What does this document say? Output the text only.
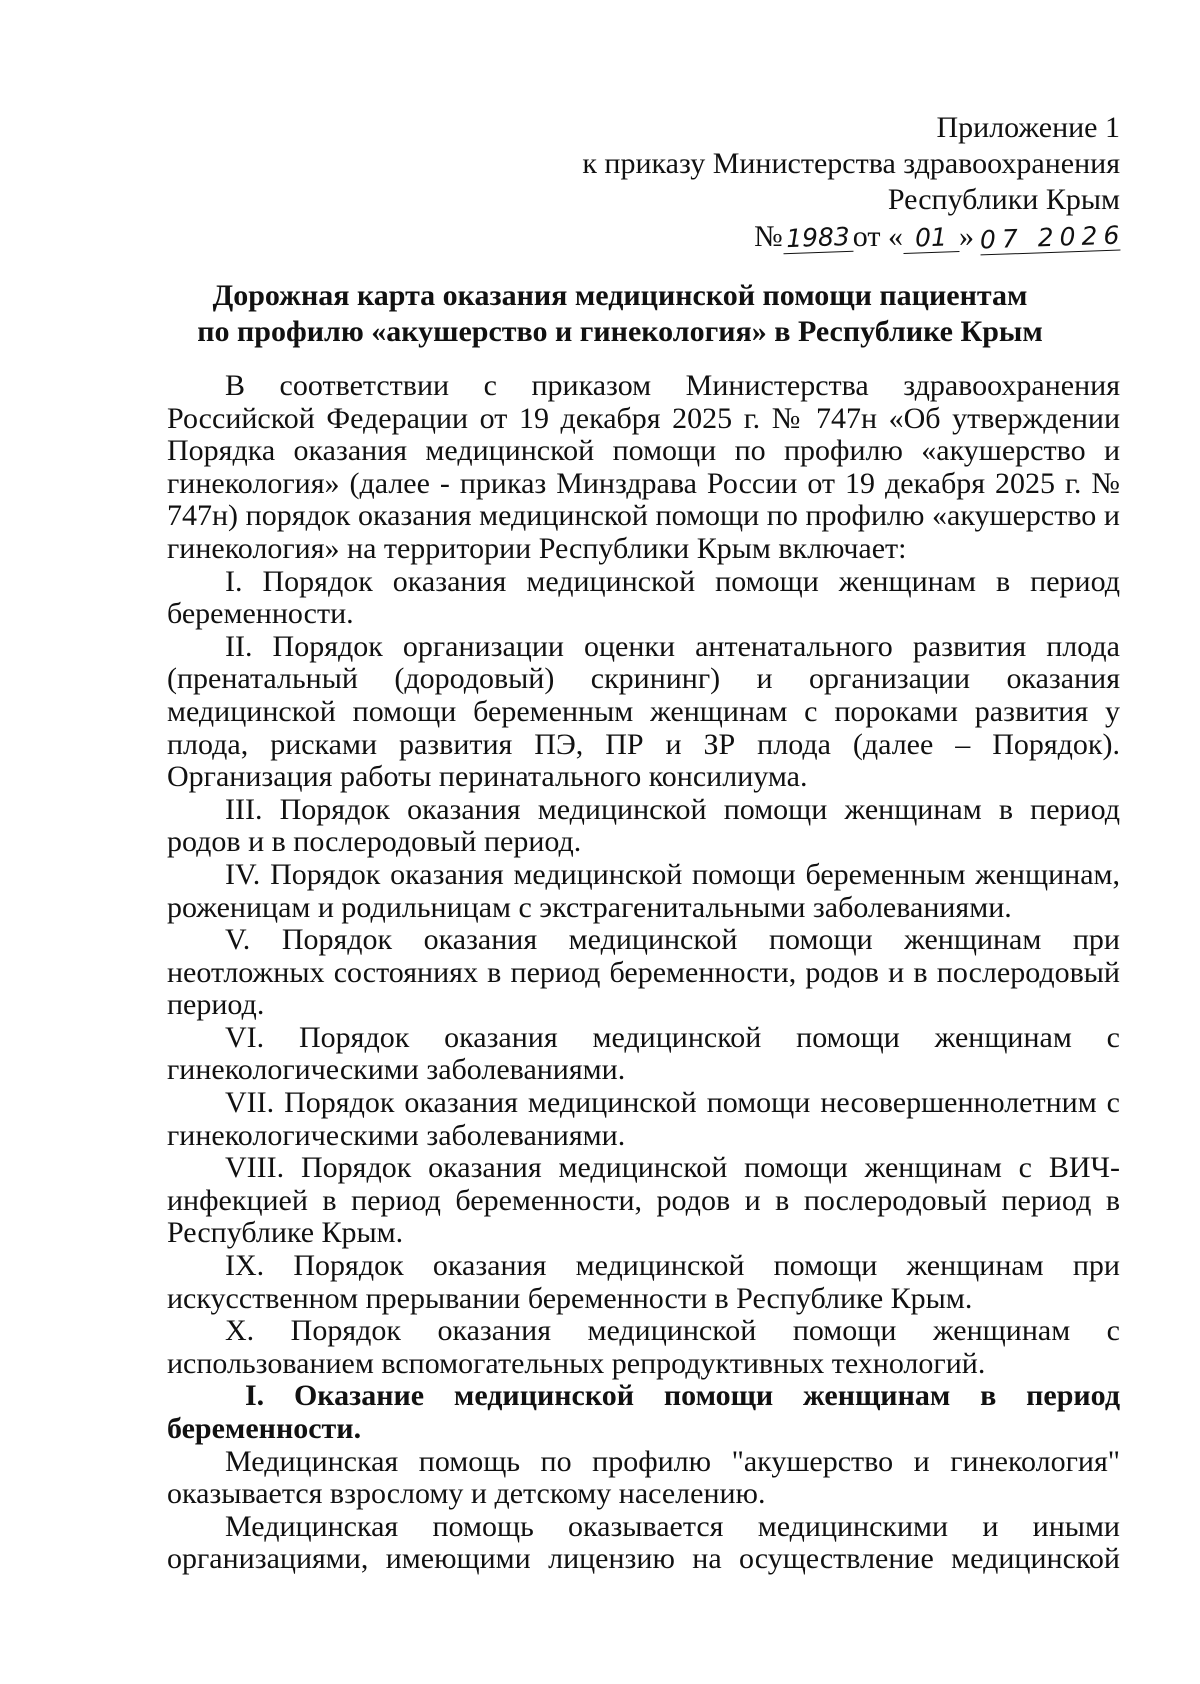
Приложение 1
к приказу Министерства здравоохранения
Республики Крым
№ 1983от « 01 » 07 2026
Дорожная карта оказания медицинской помощи пациентам
по профилю «акушерство и гинекология» в Республике Крым

В соответствии с приказом Министерства здравоохранения Российской Федерации от 19 декабря 2025 г. № 747н «Об утверждении Порядка оказания медицинской помощи по профилю «акушерство и гинекология» (далее - приказ Минздрава России от 19 декабря 2025 г. № 747н) порядок оказания медицинской помощи по профилю «акушерство и гинекология» на территории Республики Крым включает:

I. Порядок оказания медицинской помощи женщинам в период беременности.

II. Порядок организации оценки антенатального развития плода (пренатальный (дородовый) скрининг) и организации оказания медицинской помощи беременным женщинам с пороками развития у плода, рисками развития ПЭ, ПР и ЗР плода (далее – Порядок). Организация работы перинатального консилиума.

III. Порядок оказания медицинской помощи женщинам в период родов и в послеродовый период.

IV. Порядок оказания медицинской помощи беременным женщинам, роженицам и родильницам с экстрагенитальными заболеваниями.

V. Порядок оказания медицинской помощи женщинам при неотложных состояниях в период беременности, родов и в послеродовый период.

VI. Порядок оказания медицинской помощи женщинам с гинекологическими заболеваниями.

VII. Порядок оказания медицинской помощи несовершеннолетним с гинекологическими заболеваниями.

VIII. Порядок оказания медицинской помощи женщинам с ВИЧ-инфекцией в период беременности, родов и в послеродовый период в Республике Крым.

IX. Порядок оказания медицинской помощи женщинам при искусственном прерывании беременности в Республике Крым.

X. Порядок оказания медицинской помощи женщинам с использованием вспомогательных репродуктивных технологий.

I. Оказание медицинской помощи женщинам в период беременности.

Медицинская помощь по профилю "акушерство и гинекология" оказывается взрослому и детскому населению.

Медицинская помощь оказывается медицинскими и иными организациями, имеющими лицензию на осуществление медицинской
